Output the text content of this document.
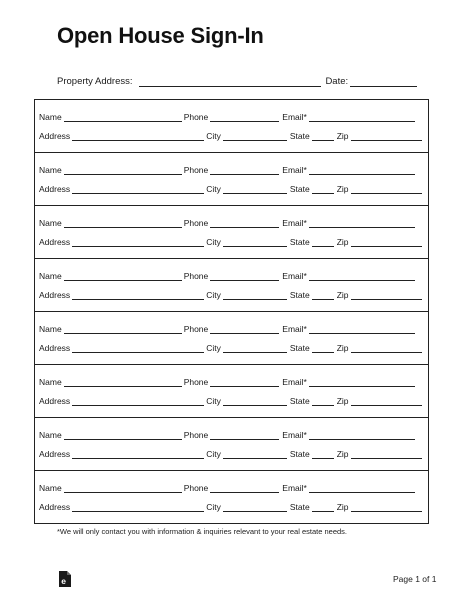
Open House Sign-In
Property Address:	Date:
Name	Phone	Email*
Address	City	State	Zip
Name	Phone	Email*
Address	City	State	Zip
Name	Phone	Email*
Address	City	State	Zip
Name	Phone	Email*
Address	City	State	Zip
Name	Phone	Email*
Address	City	State	Zip
Name	Phone	Email*
Address	City	State	Zip
Name	Phone	Email*
Address	City	State	Zip
Name	Phone	Email*
Address	City	State	Zip
*We will only contact you with information & inquiries relevant to your real estate needs.
e	Page 1 of 1
